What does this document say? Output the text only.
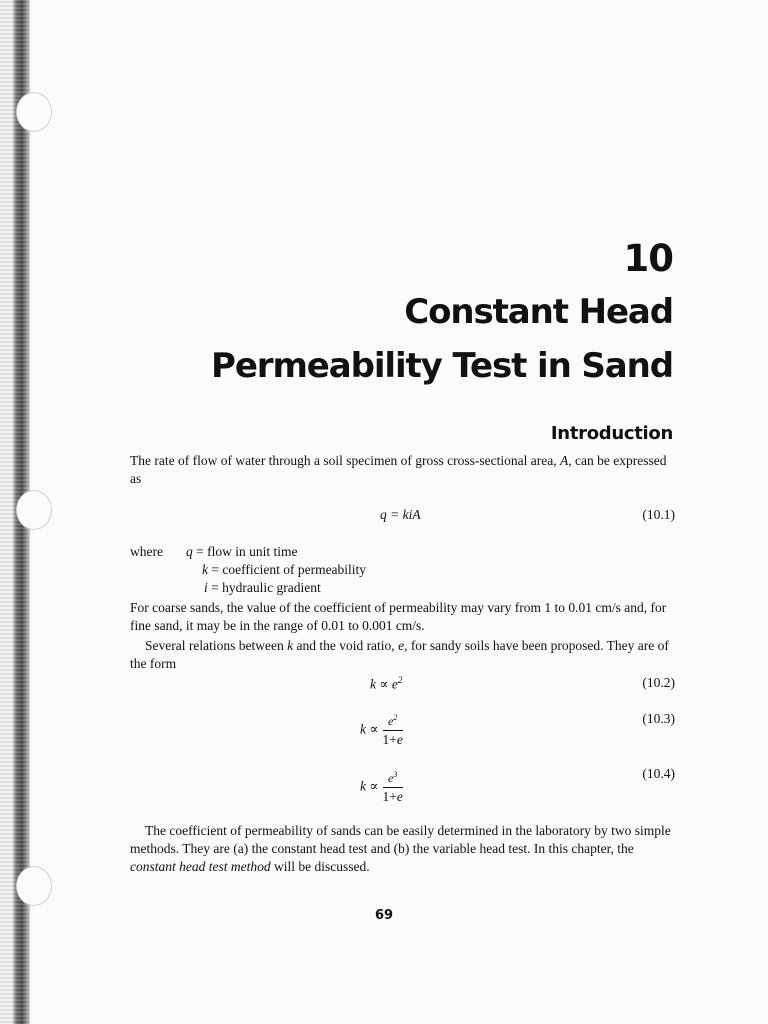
10
Constant Head
Permeability Test in Sand
Introduction

The rate of flow of water through a soil specimen of gross cross-sectional area, A, can be expressed as

q = kiA	(10.1)
where q = flow in unit time
k = coefficient of permeability
i = hydraulic gradient

For coarse sands, the value of the coefficient of permeability may vary from 1 to 0.01 cm/s and, for fine sand, it may be in the range of 0.01 to 0.001 cm/s.

Several relations between k and the void ratio, e, for sandy soils have been proposed. They are of the form

$k \propto e^2$	(10.2)
$k \propto \frac{e^2}{1+e}$	(10.3)
$k \propto \frac{e^3}{1+e}$	(10.4)

The coefficient of permeability of sands can be easily determined in the laboratory by two simple methods. They are (a) the constant head test and (b) the variable head test. In this chapter, the constant head test method will be discussed.

69
